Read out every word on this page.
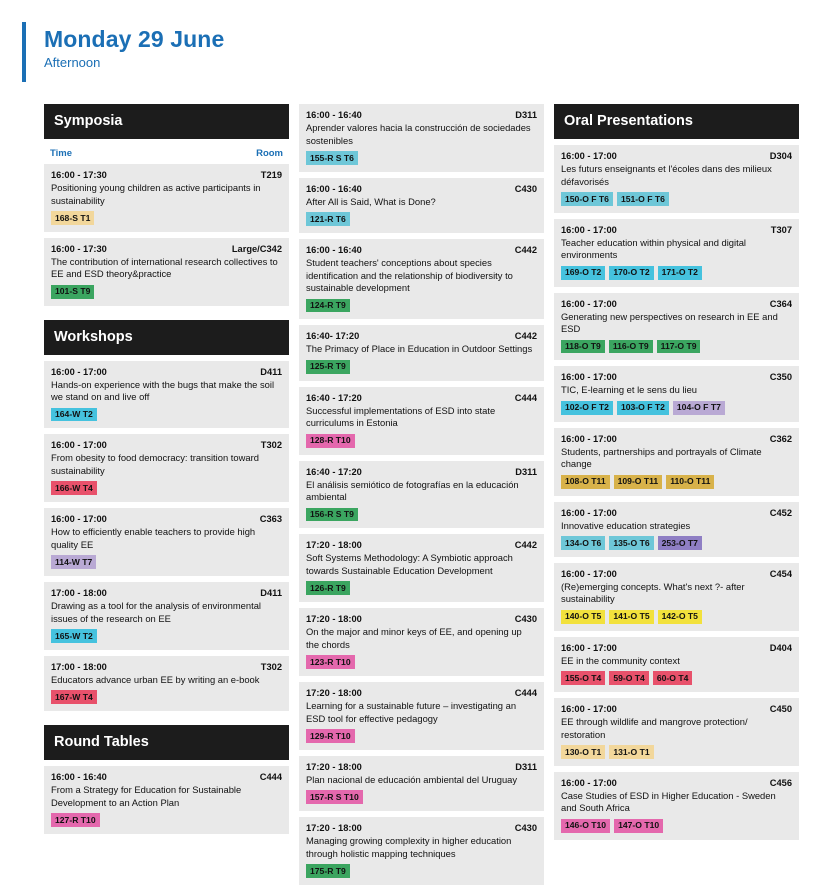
Monday 29 June
Afternoon
Symposia
Time	Room
16:00 - 17:30	T219
Positioning young children as active participants in sustainability
168-S T1
16:00 - 17:30	Large/C342
The contribution of international research collectives to EE and ESD theory&practice
101-S T9
Workshops
16:00 - 17:00	D411
Hands-on experience with the bugs that make the soil we stand on and live off
164-W T2
16:00 - 17:00	T302
From obesity to food democracy: transition toward sustainability
166-W T4
16:00 - 17:00	C363
How to efficiently enable teachers to provide high quality EE
114-W T7
17:00 - 18:00	D411
Drawing as a tool for the analysis of environmental issues of the research on EE
165-W T2
17:00 - 18:00	T302
Educators advance urban EE by writing an e-book
167-W T4
Round Tables
16:00 - 16:40	C444
From a Strategy for Education for Sustainable Development to an Action Plan
127-R T10
16:00 - 16:40	D311
Aprender valores hacia la construcción de sociedades sostenibles
155-R S T6
16:00 - 16:40	C430
After All is Said, What is Done?
121-R T6
16:00 - 16:40	C442
Student teachers' conceptions about species identification and the relationship of biodiversity to sustainable development
124-R T9
16:40- 17:20	C442
The Primacy of Place in Education in Outdoor Settings
125-R T9
16:40 - 17:20	C444
Successful implementations of ESD into state curriculums in Estonia
128-R T10
16:40 - 17:20	D311
El análisis semiótico de fotografías en la educación ambiental
156-R S T9
17:20 - 18:00	C442
Soft Systems Methodology: A Symbiotic approach towards Sustainable Education Development
126-R T9
17:20 - 18:00	C430
On the major and minor keys of EE, and opening up the chords
123-R T10
17:20 - 18:00	C444
Learning for a sustainable future – investigating an ESD tool for effective pedagogy
129-R T10
17:20 - 18:00	D311
Plan nacional de educación ambiental del Uruguay
157-R S T10
17:20 - 18:00	C430
Managing growing complexity in higher education through holistic mapping techniques
175-R T9
Oral Presentations
16:00 - 17:00	D304
Les futurs enseignants et l'écoles dans des milieux défavorisés
150-O F T6	151-O F T6
16:00 - 17:00	T307
Teacher education within physical and digital environments
169-O T2	170-O T2	171-O T2
16:00 - 17:00	C364
Generating new perspectives on research in EE and ESD
118-O T9	116-O T9	117-O T9
16:00 - 17:00	C350
TIC, E-learning et le sens du lieu
102-O F T2	103-O F T2	104-O F T7
16:00 - 17:00	C362
Students, partnerships and portrayals of Climate change
108-O T11	109-O T11	110-O T11
16:00 - 17:00	C452
Innovative education strategies
134-O T6	135-O T6	253-O T7
16:00 - 17:00	C454
(Re)emerging concepts. What's next ?- after sustainability
140-O T5	141-O T5	142-O T5
16:00 - 17:00	D404
EE in the community context
155-O T4	59-O T4	60-O T4
16:00 - 17:00	C450
EE through wildlife and mangrove protection/ restoration
130-O T1	131-O T1
16:00 - 17:00	C456
Case Studies of ESD in Higher Education - Sweden and South Africa
146-O T10	147-O T10
